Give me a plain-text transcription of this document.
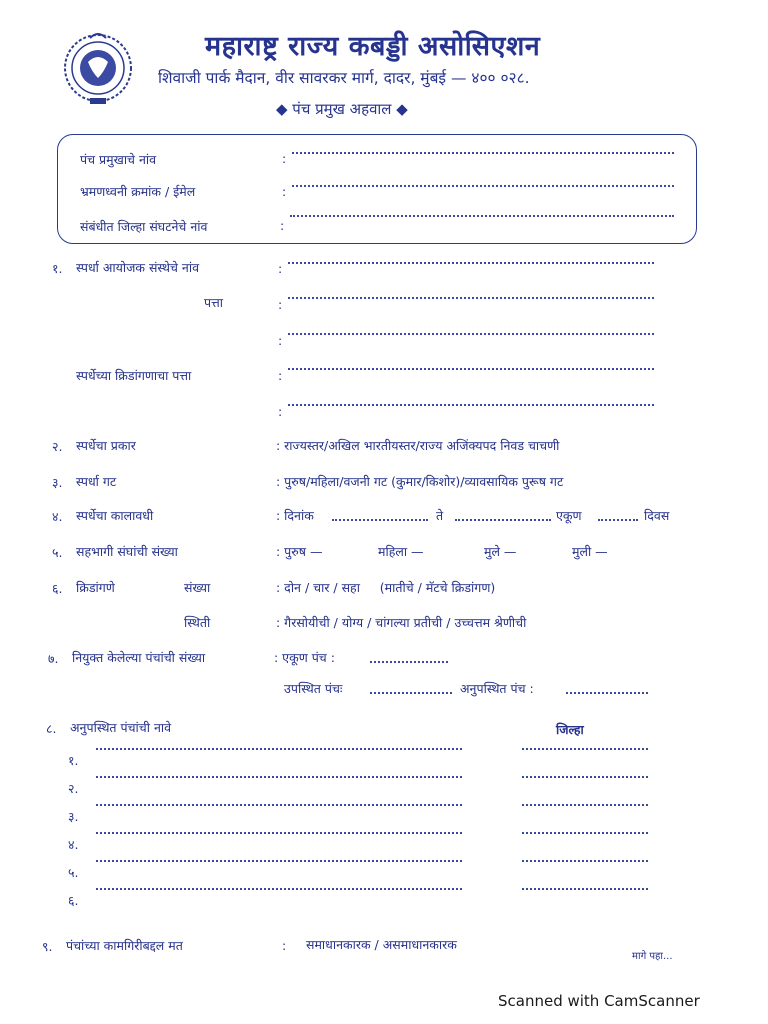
महाराष्ट्र राज्य कबड्डी असोसिएशन
शिवाजी पार्क मैदान, वीर सावरकर मार्ग, दादर, मुंबई — ४०० ०२८.
◆ पंच प्रमुख अहवाल ◆
पंच प्रमुखाचे नांव	:
भ्रमणध्वनी क्रमांक / ईमेल	:
संबंधीत जिल्हा संघटनेचे नांव	:
१. स्पर्धा आयोजक संस्थेचे नांव	:
पत्ता	:
:
स्पर्धेच्या क्रिडांगणाचा पत्ता	:
:
२. स्पर्धेचा प्रकार	: राज्यस्तर/अखिल भारतीयस्तर/राज्य अजिंक्यपद निवड चाचणी
३. स्पर्धा गट	: पुरुष/महिला/वजनी गट (कुमार/किशोर)/व्यावसायिक पुरूष गट
४. स्पर्धेचा कालावधी	: दिनांक	ते	एकूण	दिवस
५. सहभागी संघांची संख्या	: पुरुष —	महिला —	मुले —	मुली —
६. क्रिडांगणे	संख्या	: दोन / चार / सहा     (मातीचे / मॅटचे क्रिडांगण)
स्थिती	: गैरसोयीची / योग्य / चांगल्या प्रतीची / उच्चत्तम श्रेणीची
७. नियुक्त केलेल्या पंचांची संख्या	: एकूण पंच :
उपस्थित पंचः	अनुपस्थित पंच :
८. अनुपस्थित पंचांची नावे	जिल्हा
१.
२.
३.
४.
५.
६.
९. पंचांच्या कामगिरीबद्दल मत	: समाधानकारक / असमाधानकारक
मागे पहा...
Scanned with CamScanner
